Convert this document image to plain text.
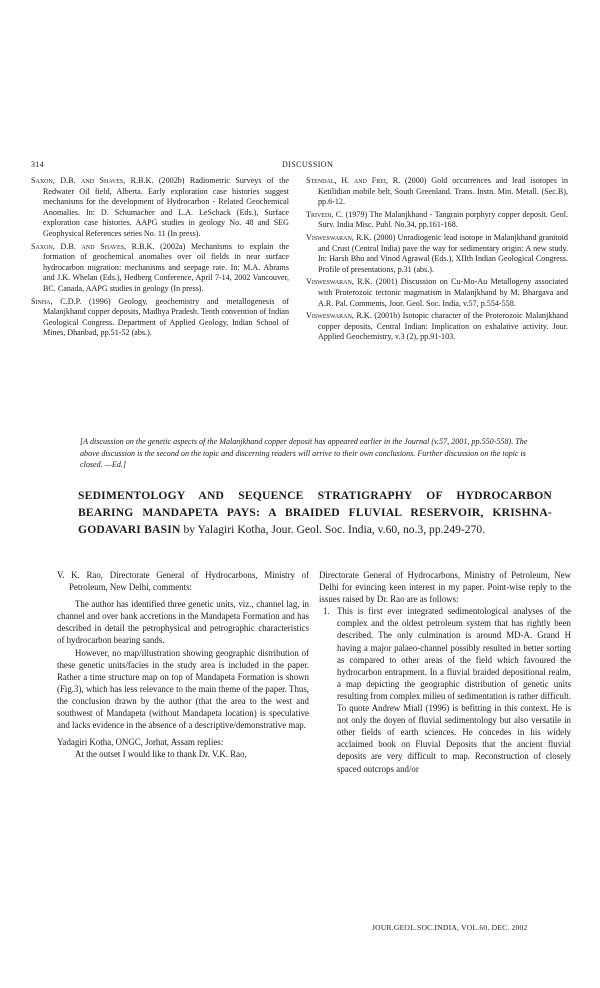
314	DISCUSSION

Saxon, D.B. and Shaves, R.B.K. (2002b) Radiometric Surveys of the Redwater Oil field, Alberta. Early exploration case histories suggest mechanisms for the development of Hydrocarbon - Related Geochemical Anomalies. In: D. Schumacher and L.A. LeSchack (Eds.), Surface exploration case histories. AAPG studies in geology No. 48 and SEG Geophysical References series No. 11 (In press).

Saxon, D.B. and Shaves, R.B.K. (2002a) Mechanisms to explain the formation of geochemical anomalies over oil fields in near surface hydrocarbon migration: mechanisms and seepage rate. In: M.A. Abrams and J.K. Whelan (Eds.), Hedberg Conference, April 7-14, 2002 Vancouver, BC. Canada, AAPG studies in geology (In press).

Sinha, C.D.P. (1996) Geology, geochemistry and metallogenesis of Malanjkhand copper deposits, Madhya Pradesh. Tenth convention of Indian Geological Congress. Department of Applied Geology, Indian School of Mines, Dhanbad, pp.51-52 (abs.).

Stendal, H. and Frei, R. (2000) Gold occurrences and lead isotopes in Ketilidian mobile belt, South Greenland. Trans. Instn. Min. Metall. (Sec.B), pp.6-12.

Trivedi, C. (1979) The Malanjkhand - Tangrain porphyry copper deposit. Geol. Surv. India Misc. Publ. No.34, pp.161-168.

Visweswaran, R.K. (2000) Unradiogenic lead isotope in Malanjkhand granitoid and Crust (Central India) pave the way for sedimentary origin: A new study. In: Harsh Bhu and Vinod Agrawal (Eds.), XIIth Indian Geological Congress. Profile of presentations, p.31 (abs.).

Visweswaran, R.K. (2001) Discussion on Cu-Mo-Au Metallogeny associated with Proterozoic tectonic magmatism in Malanjkhand by M. Bhargava and A.R. Pal. Comments, Jour. Geol. Soc. India, v.57, p.554-558.

Visweswaran, R.K. (2001b) Isotopic character of the Proterozoic Malanjkhand copper deposits, Central Indian: Implication on exhalative activity. Jour. Applied Geochemistry, v.3 (2), pp.91-103.

[A discussion on the genetic aspects of the Malanjkhand copper deposit has appeared earlier in the Journal (v.57, 2001, pp.550-558). The above discussion is the second on the topic and discerning readers will arrive to their own conclusions. Further discussion on the topic is closed. —Ed.]
SEDIMENTOLOGY AND SEQUENCE STRATIGRAPHY OF HYDROCARBON BEARING MANDAPETA PAYS: A BRAIDED FLUVIAL RESERVOIR, KRISHNA-GODAVARI BASIN by Yalagiri Kotha, Jour. Geol. Soc. India, v.60, no.3, pp.249-270.

V. K. Rao, Directorate General of Hydrocarbons, Ministry of Petroleum, New Delhi, comments:

The author has identified three genetic units, viz., channel lag, in channel and over bank accretions in the Mandapeta Formation and has described in detail the petrophysical and petrographic characteristics of hydrocarbon bearing sands.

However, no map/illustration showing geographic distribution of these genetic units/facies in the study area is included in the paper. Rather a time structure map on top of Mandapeta Formation is shown (Fig.3), which has less relevance to the main theme of the paper. Thus, the conclusion drawn by the author (that the area to the west and southwest of Mandapeta (without Mandapeta location) is speculative and lacks evidence in the absence of a descriptive/demonstrative map.

Yadagiri Kotha, ONGC, Jorhat, Assam replies:

At the outset I would like to thank Dr. V.K. Rao,

Directorate General of Hydrocarbons, Ministry of Petroleum, New Delhi for evincing keen interest in my paper. Point-wise reply to the issues raised by Dr. Rao are as follows:

1. This is first ever integrated sedimentological analyses of the complex and the oldest petroleum system that has rightly been described. The only culmination is around MD-A. Grand H having a major palaeo-channel possibly resulted in better sorting as compared to other areas of the field which favoured the hydrocarbon entrapment. In a fluvial braided depositional realm, a map depicting the geographic distribution of genetic units resulting from complex milieu of sedimentation is rather difficult. To quote Andrew Miall (1996) is befitting in this context. He is not only the doyen of fluvial sedimentology but also versatile in other fields of earth sciences. He concedes in his widely acclaimed book on Fluvial Deposits that the ancient fluvial deposits are very difficult to map. Reconstruction of closely spaced outcrops and/or
JOUR.GEOL.SOC.INDIA, VOL.60, DEC. 2002
